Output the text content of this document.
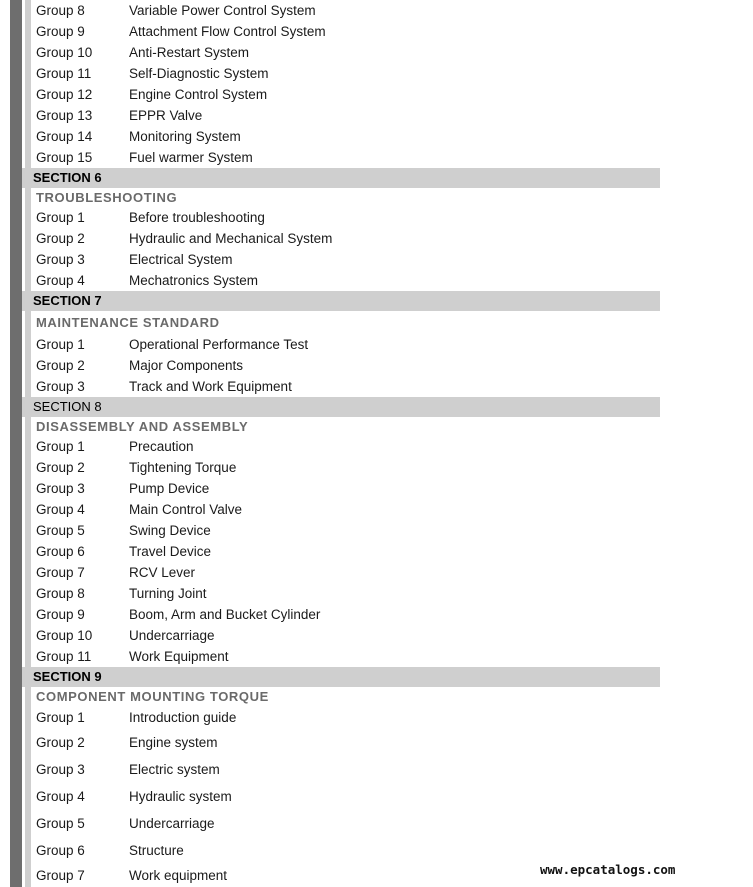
Group 8	Variable Power Control System
Group 9	Attachment Flow Control System
Group 10	Anti-Restart System
Group 11	Self-Diagnostic System
Group 12	Engine Control System
Group 13	EPPR Valve
Group 14	Monitoring System
Group 15	Fuel warmer System
SECTION 6
TROUBLESHOOTING
Group 1	Before troubleshooting
Group 2	Hydraulic and Mechanical System
Group 3	Electrical System
Group 4	Mechatronics System
SECTION 7
MAINTENANCE STANDARD
Group 1	Operational Performance Test
Group 2	Major Components
Group 3	Track and Work Equipment
SECTION 8
DISASSEMBLY AND ASSEMBLY
Group 1	Precaution
Group 2	Tightening Torque
Group 3	Pump Device
Group 4	Main Control Valve
Group 5	Swing Device
Group 6	Travel Device
Group 7	RCV Lever
Group 8	Turning Joint
Group 9	Boom, Arm and Bucket Cylinder
Group 10	Undercarriage
Group 11	Work Equipment
SECTION 9
COMPONENT MOUNTING TORQUE
Group 1	Introduction guide
Group 2	Engine system
Group 3	Electric system
Group 4	Hydraulic system
Group 5	Undercarriage
Group 6	Structure
Group 7	Work equipment	www.epcatalogs.com
